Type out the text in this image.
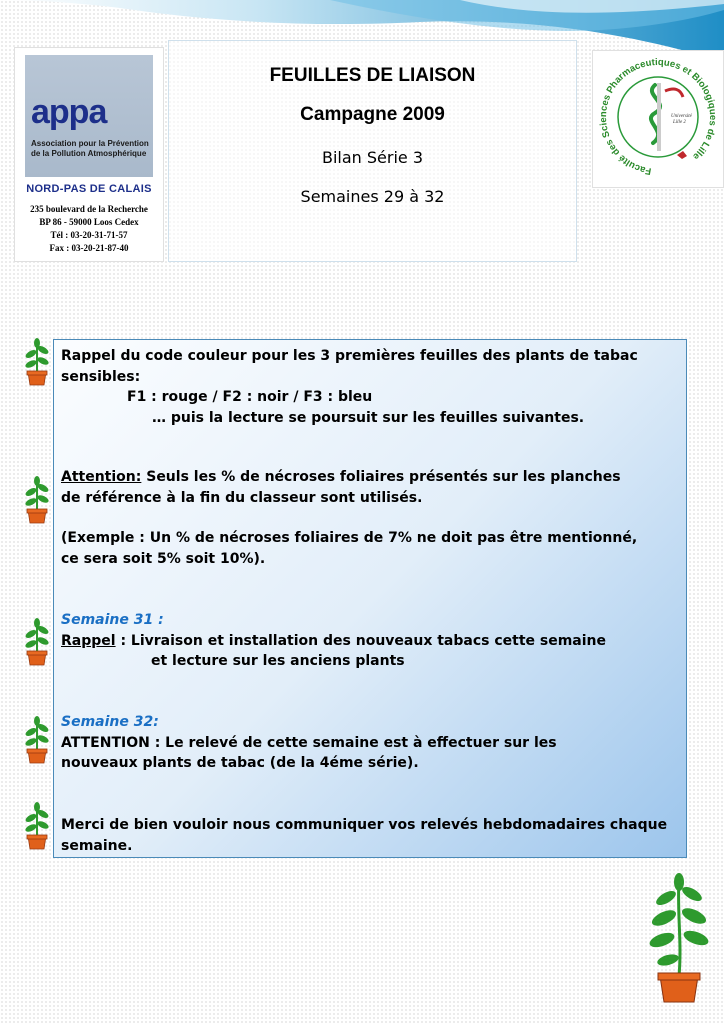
appa
Association pour la Prévention
de la Pollution Atmosphérique
NORD-PAS DE CALAIS
235 boulevard de la Recherche
BP 86 - 59000 Loos Cedex
Tél : 03-20-31-71-57
Fax : 03-20-21-87-40
FEUILLES DE LIAISON
Campagne 2009
Bilan Série 3
Semaines 29 à 32
Faculté des Sciences Pharmaceutiques et Biologiques de Lille
Université
Lille 2
Rappel du code couleur pour les 3 premières feuilles des plants de tabac
sensibles:
F1 : rouge / F2 : noir / F3 : bleu
… puis la lecture se poursuit sur les feuilles suivantes.
Attention: Seuls les % de nécroses foliaires présentés sur les planches
de référence à la fin du classeur sont utilisés.
(Exemple : Un % de nécroses foliaires de 7% ne doit pas être mentionné,
ce sera soit 5% soit 10%).
Semaine 31 :
Rappel : Livraison et installation des nouveaux tabacs cette semaine
et lecture sur les anciens plants
Semaine 32:
ATTENTION : Le relevé de cette semaine est à effectuer sur les
nouveaux plants de tabac (de la 4éme série).
Merci de bien vouloir nous communiquer vos relevés hebdomadaires chaque
semaine.
